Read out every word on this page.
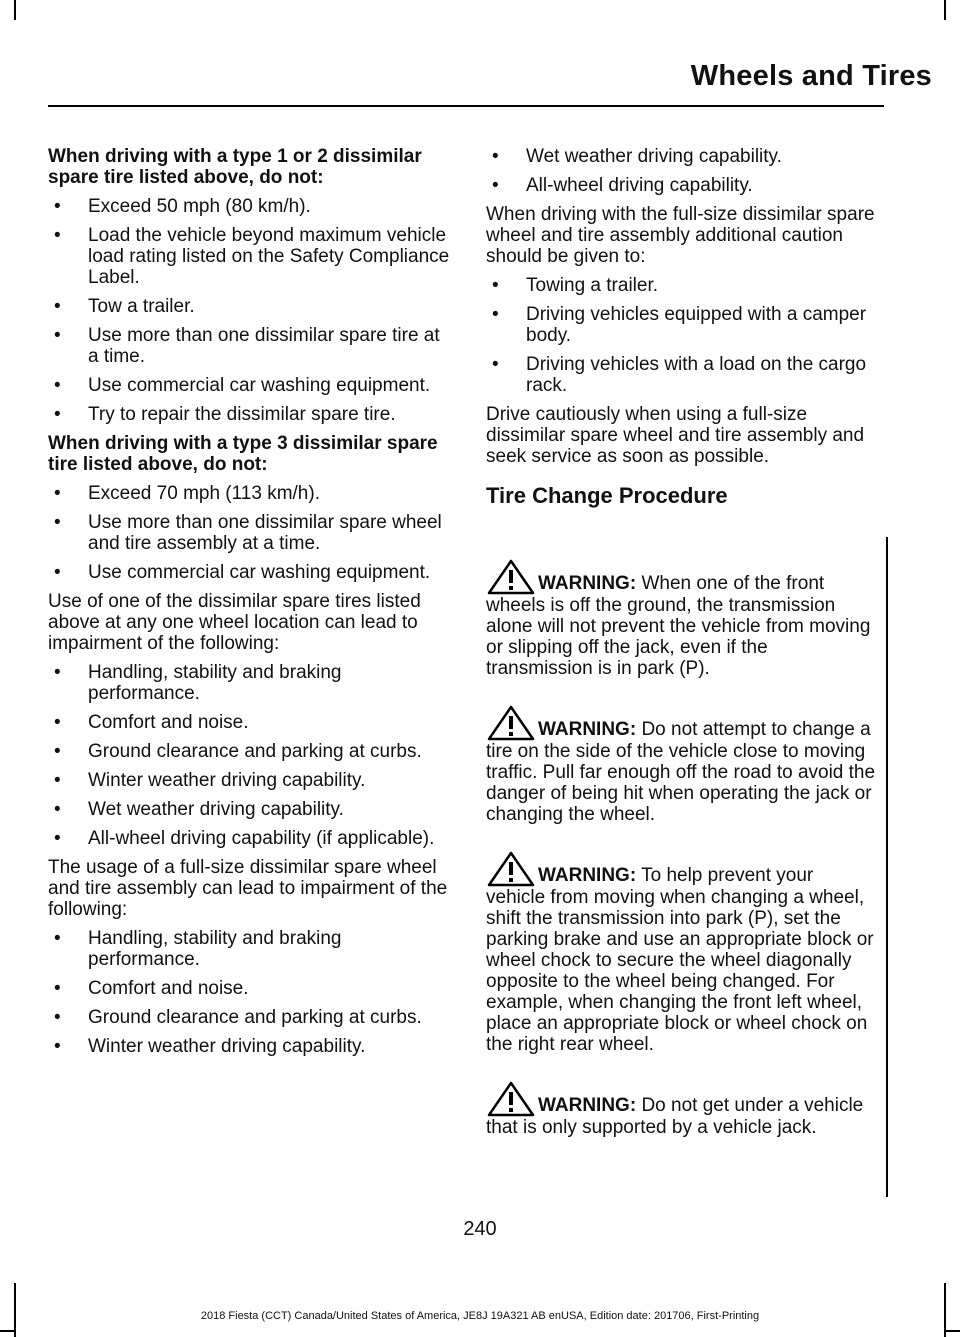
Wheels and Tires
When driving with a type 1 or 2 dissimilar spare tire listed above, do not:
• Exceed 50 mph (80 km/h).
• Load the vehicle beyond maximum vehicle load rating listed on the Safety Compliance Label.
• Tow a trailer.
• Use more than one dissimilar spare tire at a time.
• Use commercial car washing equipment.
• Try to repair the dissimilar spare tire.
When driving with a type 3 dissimilar spare tire listed above, do not:
• Exceed 70 mph (113 km/h).
• Use more than one dissimilar spare wheel and tire assembly at a time.
• Use commercial car washing equipment.

Use of one of the dissimilar spare tires listed above at any one wheel location can lead to impairment of the following:

• Handling, stability and braking performance.
• Comfort and noise.
• Ground clearance and parking at curbs.
• Winter weather driving capability.
• Wet weather driving capability.
• All-wheel driving capability (if applicable).

The usage of a full-size dissimilar spare wheel and tire assembly can lead to impairment of the following:

• Handling, stability and braking performance.
• Comfort and noise.
• Ground clearance and parking at curbs.
• Winter weather driving capability.
• Wet weather driving capability.
• All-wheel driving capability.

When driving with the full-size dissimilar spare wheel and tire assembly additional caution should be given to:

• Towing a trailer.
• Driving vehicles equipped with a camper body.
• Driving vehicles with a load on the cargo rack.

Drive cautiously when using a full-size dissimilar spare wheel and tire assembly and seek service as soon as possible.

Tire Change Procedure

WARNING: When one of the front wheels is off the ground, the transmission alone will not prevent the vehicle from moving or slipping off the jack, even if the transmission is in park (P).

WARNING: Do not attempt to change a tire on the side of the vehicle close to moving traffic. Pull far enough off the road to avoid the danger of being hit when operating the jack or changing the wheel.

WARNING: To help prevent your vehicle from moving when changing a wheel, shift the transmission into park (P), set the parking brake and use an appropriate block or wheel chock to secure the wheel diagonally opposite to the wheel being changed. For example, when changing the front left wheel, place an appropriate block or wheel chock on the right rear wheel.

WARNING: Do not get under a vehicle that is only supported by a vehicle jack.

240
2018 Fiesta (CCT) Canada/United States of America, JE8J 19A321 AB enUSA, Edition date: 201706, First-Printing
